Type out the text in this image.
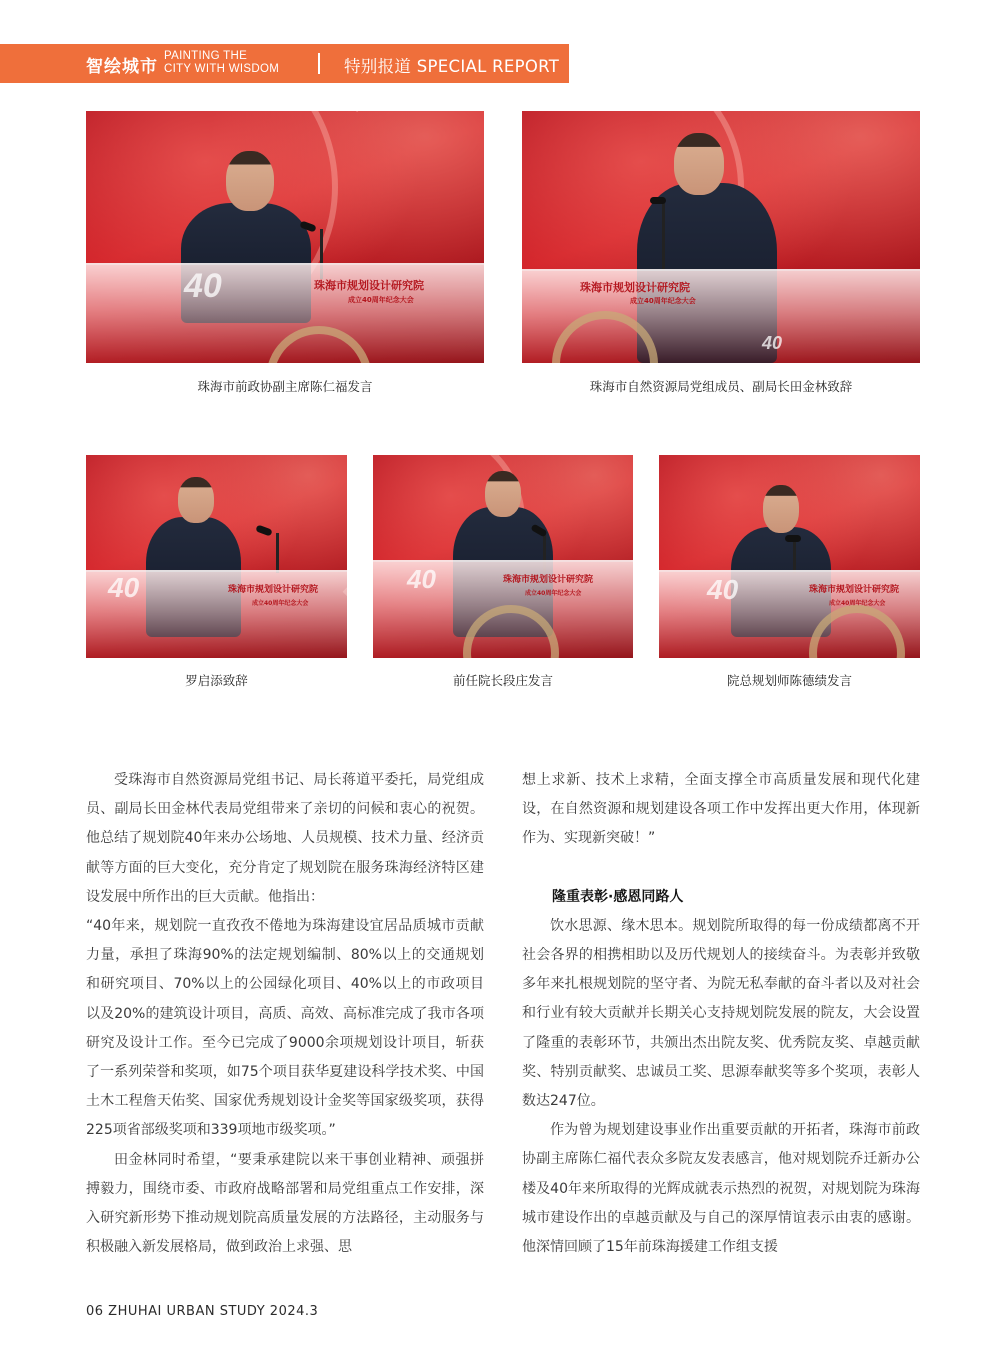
智绘城市
PAINTING THE
CITY WITH WISDOM	特别报道 SPECIAL REPORT
40	珠海市规划设计研究院
成立40周年纪念大会
珠海市前政协副主席陈仁福发言
珠海市规划设计研究院
成立40周年纪念大会
40
珠海市自然资源局党组成员、副局长田金林致辞
40	珠海市规划设计研究院
成立40周年纪念大会
罗启添致辞
40	珠海市规划设计研究院
成立40周年纪念大会
前任院长段庄发言
40	珠海市规划设计研究院
成立40周年纪念大会
院总规划师陈德绩发言

受珠海市自然资源局党组书记、局长蒋道平委托，局党组成员、副局长田金林代表局党组带来了亲切的问候和衷心的祝贺。他总结了规划院40年来办公场地、人员规模、技术力量、经济贡献等方面的巨大变化，充分肯定了规划院在服务珠海经济特区建设发展中所作出的巨大贡献。他指出：

“40年来，规划院一直孜孜不倦地为珠海建设宜居品质城市贡献力量，承担了珠海90%的法定规划编制、80%以上的交通规划和研究项目、70%以上的公园绿化项目、40%以上的市政项目以及20%的建筑设计项目，高质、高效、高标准完成了我市各项研究及设计工作。至今已完成了9000余项规划设计项目，斩获了一系列荣誉和奖项，如75个项目获华夏建设科学技术奖、中国土木工程詹天佑奖、国家优秀规划设计金奖等国家级奖项，获得225项省部级奖项和339项地市级奖项。”

田金林同时希望，“要秉承建院以来干事创业精神、顽强拼搏毅力，围绕市委、市政府战略部署和局党组重点工作安排，深入研究新形势下推动规划院高质量发展的方法路径，主动服务与积极融入新发展格局，做到政治上求强、思

想上求新、技术上求精，全面支撑全市高质量发展和现代化建设，在自然资源和规划建设各项工作中发挥出更大作用，体现新作为、实现新突破！”

隆重表彰·感恩同路人

饮水思源、缘木思本。规划院所取得的每一份成绩都离不开社会各界的相携相助以及历代规划人的接续奋斗。为表彰并致敬多年来扎根规划院的坚守者、为院无私奉献的奋斗者以及对社会和行业有较大贡献并长期关心支持规划院发展的院友，大会设置了隆重的表彰环节，共颁出杰出院友奖、优秀院友奖、卓越贡献奖、特别贡献奖、忠诚员工奖、思源奉献奖等多个奖项，表彰人数达247位。

作为曾为规划建设事业作出重要贡献的开拓者，珠海市前政协副主席陈仁福代表众多院友发表感言，他对规划院乔迁新办公楼及40年来所取得的光辉成就表示热烈的祝贺，对规划院为珠海城市建设作出的卓越贡献及与自己的深厚情谊表示由衷的感谢。他深情回顾了15年前珠海援建工作组支援

06 ZHUHAI URBAN STUDY 2024.3
